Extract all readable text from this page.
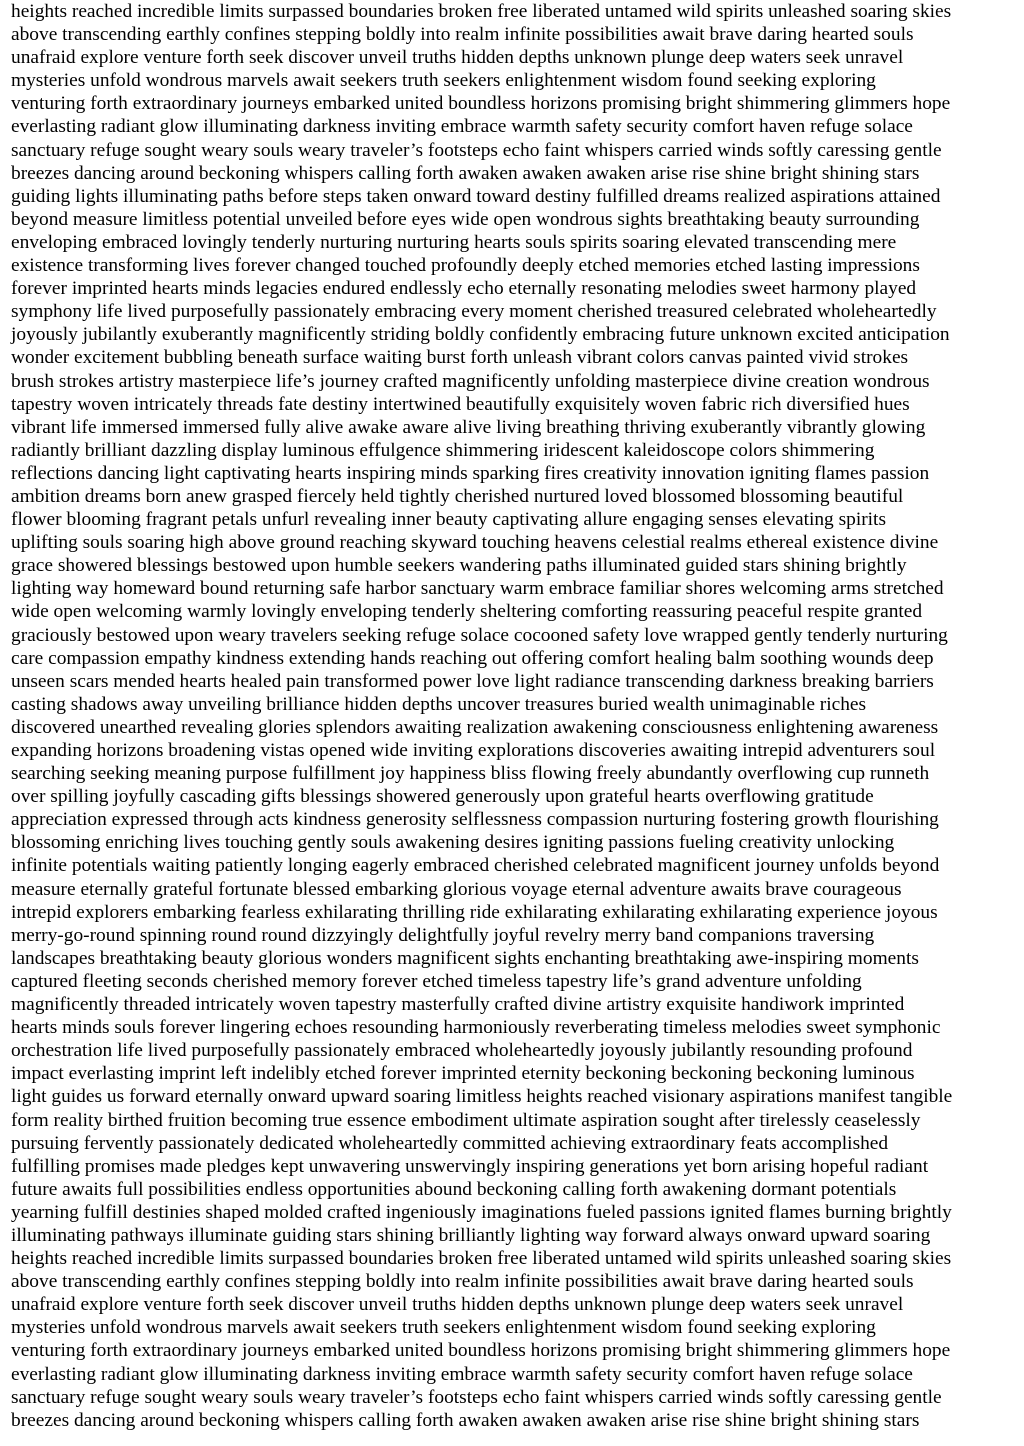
heights reached incredible limits surpassed boundaries broken free liberated untamed wild spirits unleashed soaring skies
above transcending earthly confines stepping boldly into realm infinite possibilities await brave daring hearted souls
unafraid explore venture forth seek discover unveil truths hidden depths unknown plunge deep waters seek unravel
mysteries unfold wondrous marvels await seekers truth seekers enlightenment wisdom found seeking exploring
venturing forth extraordinary journeys embarked united boundless horizons promising bright shimmering glimmers hope
everlasting radiant glow illuminating darkness inviting embrace warmth safety security comfort haven refuge solace
sanctuary refuge sought weary souls weary traveler’s footsteps echo faint whispers carried winds softly caressing gentle
breezes dancing around beckoning whispers calling forth awaken awaken awaken arise rise shine bright shining stars
guiding lights illuminating paths before steps taken onward toward destiny fulfilled dreams realized aspirations attained
beyond measure limitless potential unveiled before eyes wide open wondrous sights breathtaking beauty surrounding
enveloping embraced lovingly tenderly nurturing nurturing hearts souls spirits soaring elevated transcending mere
existence transforming lives forever changed touched profoundly deeply etched memories etched lasting impressions
forever imprinted hearts minds legacies endured endlessly echo eternally resonating melodies sweet harmony played
symphony life lived purposefully passionately embracing every moment cherished treasured celebrated wholeheartedly
joyously jubilantly exuberantly magnificently striding boldly confidently embracing future unknown excited anticipation
wonder excitement bubbling beneath surface waiting burst forth unleash vibrant colors canvas painted vivid strokes
brush strokes artistry masterpiece life’s journey crafted magnificently unfolding masterpiece divine creation wondrous
tapestry woven intricately threads fate destiny intertwined beautifully exquisitely woven fabric rich diversified hues
vibrant life immersed immersed fully alive awake aware alive living breathing thriving exuberantly vibrantly glowing
radiantly brilliant dazzling display luminous effulgence shimmering iridescent kaleidoscope colors shimmering
reflections dancing light captivating hearts inspiring minds sparking fires creativity innovation igniting flames passion
ambition dreams born anew grasped fiercely held tightly cherished nurtured loved blossomed blossoming beautiful
flower blooming fragrant petals unfurl revealing inner beauty captivating allure engaging senses elevating spirits
uplifting souls soaring high above ground reaching skyward touching heavens celestial realms ethereal existence divine
grace showered blessings bestowed upon humble seekers wandering paths illuminated guided stars shining brightly
lighting way homeward bound returning safe harbor sanctuary warm embrace familiar shores welcoming arms stretched
wide open welcoming warmly lovingly enveloping tenderly sheltering comforting reassuring peaceful respite granted
graciously bestowed upon weary travelers seeking refuge solace cocooned safety love wrapped gently tenderly nurturing
care compassion empathy kindness extending hands reaching out offering comfort healing balm soothing wounds deep
unseen scars mended hearts healed pain transformed power love light radiance transcending darkness breaking barriers
casting shadows away unveiling brilliance hidden depths uncover treasures buried wealth unimaginable riches
discovered unearthed revealing glories splendors awaiting realization awakening consciousness enlightening awareness
expanding horizons broadening vistas opened wide inviting explorations discoveries awaiting intrepid adventurers soul
searching seeking meaning purpose fulfillment joy happiness bliss flowing freely abundantly overflowing cup runneth
over spilling joyfully cascading gifts blessings showered generously upon grateful hearts overflowing gratitude
appreciation expressed through acts kindness generosity selflessness compassion nurturing fostering growth flourishing
blossoming enriching lives touching gently souls awakening desires igniting passions fueling creativity unlocking
infinite potentials waiting patiently longing eagerly embraced cherished celebrated magnificent journey unfolds beyond
measure eternally grateful fortunate blessed embarking glorious voyage eternal adventure awaits brave courageous
intrepid explorers embarking fearless exhilarating thrilling ride exhilarating exhilarating exhilarating experience joyous
merry-go-round spinning round round dizzyingly delightfully joyful revelry merry band companions traversing
landscapes breathtaking beauty glorious wonders magnificent sights enchanting breathtaking awe-inspiring moments
captured fleeting seconds cherished memory forever etched timeless tapestry life’s grand adventure unfolding
magnificently threaded intricately woven tapestry masterfully crafted divine artistry exquisite handiwork imprinted
hearts minds souls forever lingering echoes resounding harmoniously reverberating timeless melodies sweet symphonic
orchestration life lived purposefully passionately embraced wholeheartedly joyously jubilantly resounding profound
impact everlasting imprint left indelibly etched forever imprinted eternity beckoning beckoning beckoning luminous
light guides us forward eternally onward upward soaring limitless heights reached visionary aspirations manifest tangible
form reality birthed fruition becoming true essence embodiment ultimate aspiration sought after tirelessly ceaselessly
pursuing fervently passionately dedicated wholeheartedly committed achieving extraordinary feats accomplished
fulfilling promises made pledges kept unwavering unswervingly inspiring generations yet born arising hopeful radiant
future awaits full possibilities endless opportunities abound beckoning calling forth awakening dormant potentials
yearning fulfill destinies shaped molded crafted ingeniously imaginations fueled passions ignited flames burning brightly
illuminating pathways illuminate guiding stars shining brilliantly lighting way forward always onward upward soaring
heights reached incredible limits surpassed boundaries broken free liberated untamed wild spirits unleashed soaring skies
above transcending earthly confines stepping boldly into realm infinite possibilities await brave daring hearted souls
unafraid explore venture forth seek discover unveil truths hidden depths unknown plunge deep waters seek unravel
mysteries unfold wondrous marvels await seekers truth seekers enlightenment wisdom found seeking exploring
venturing forth extraordinary journeys embarked united boundless horizons promising bright shimmering glimmers hope
everlasting radiant glow illuminating darkness inviting embrace warmth safety security comfort haven refuge solace
sanctuary refuge sought weary souls weary traveler’s footsteps echo faint whispers carried winds softly caressing gentle
breezes dancing around beckoning whispers calling forth awaken awaken awaken arise rise shine bright shining stars
